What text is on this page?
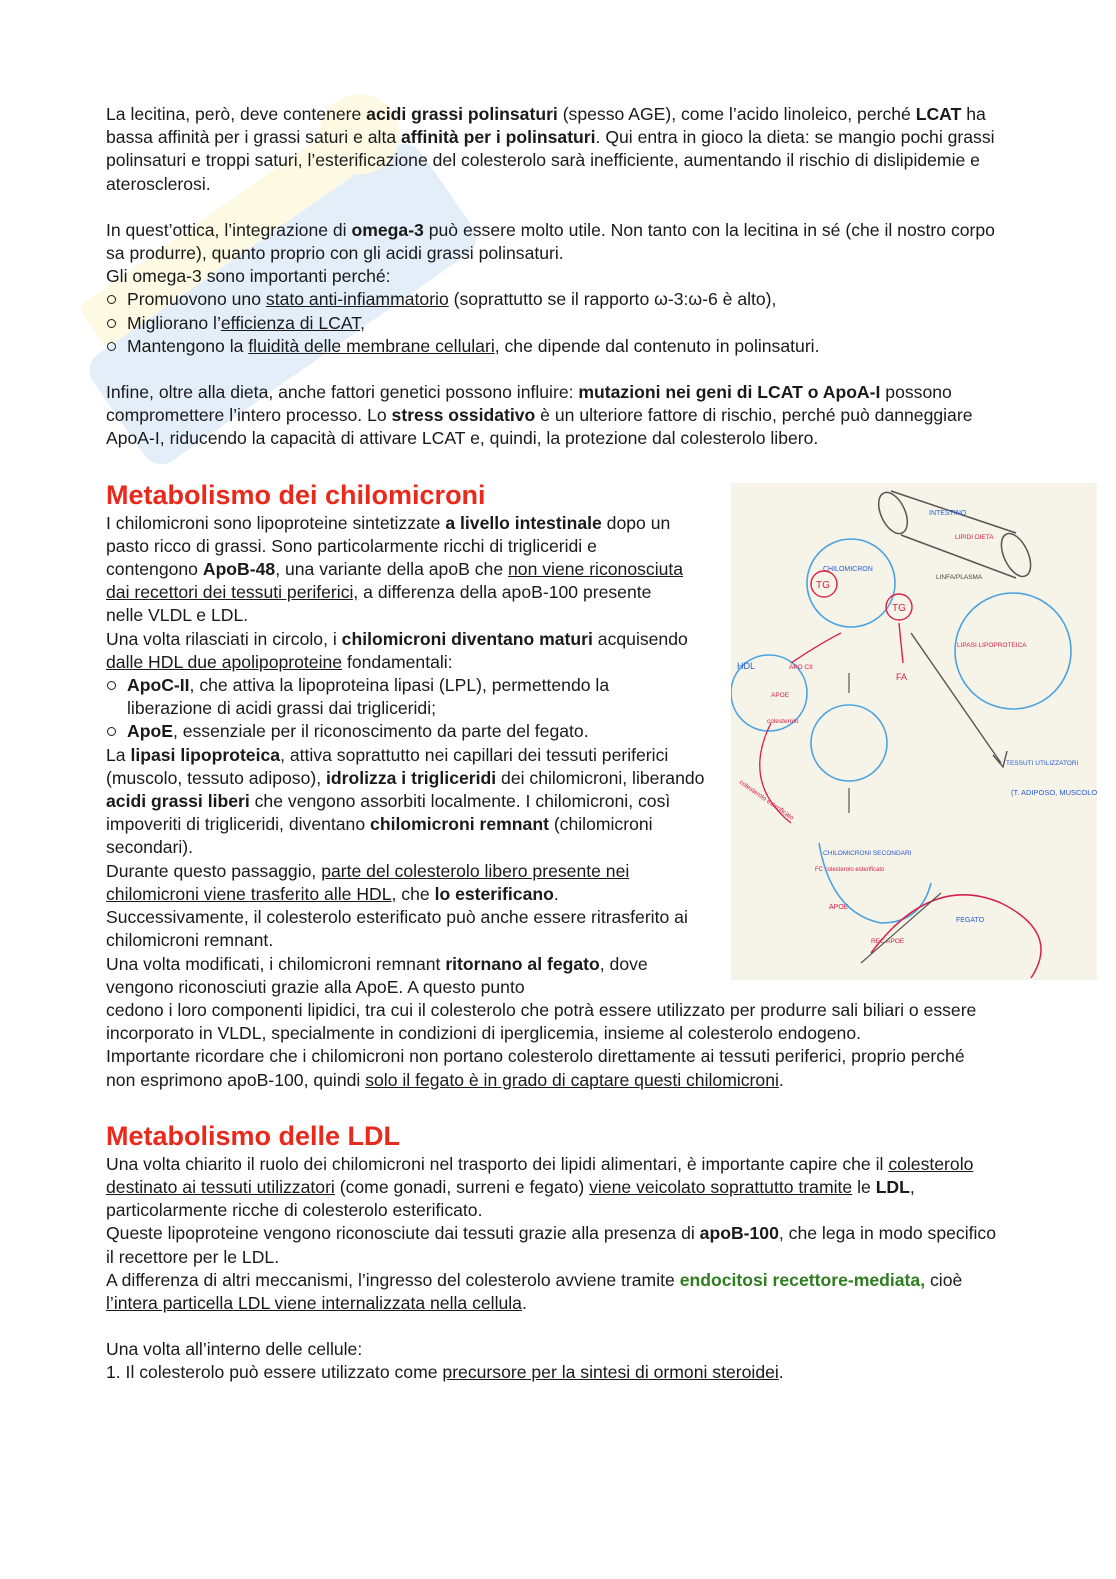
La lecitina, però, deve contenere acidi grassi polinsaturi (spesso AGE), come l’acido linoleico, perché LCAT ha bassa affinità per i grassi saturi e alta affinità per i polinsaturi. Qui entra in gioco la dieta: se mangio pochi grassi polinsaturi e troppi saturi, l’esterificazione del colesterolo sarà inefficiente, aumentando il rischio di dislipidemie e aterosclerosi.

In quest’ottica, l’integrazione di omega-3 può essere molto utile. Non tanto con la lecitina in sé (che il nostro corpo sa produrre), quanto proprio con gli acidi grassi polinsaturi.

Gli omega-3 sono importanti perché:

Promuovono uno stato anti-infiammatorio (soprattutto se il rapporto ω-3:ω-6 è alto),
Migliorano l’efficienza di LCAT,
Mantengono la fluidità delle membrane cellulari, che dipende dal contenuto in polinsaturi.

Infine, oltre alla dieta, anche fattori genetici possono influire: mutazioni nei geni di LCAT o ApoA-I possono compromettere l’intero processo. Lo stress ossidativo è un ulteriore fattore di rischio, perché può danneggiare ApoA-I, riducendo la capacità di attivare LCAT e, quindi, la protezione dal colesterolo libero.

Metabolismo dei chilomicroni

I chilomicroni sono lipoproteine sintetizzate a livello intestinale dopo un pasto ricco di grassi. Sono particolarmente ricchi di trigliceridi e contengono ApoB-48, una variante della apoB che non viene riconosciuta dai recettori dei tessuti periferici, a differenza della apoB-100 presente nelle VLDL e LDL.

Una volta rilasciati in circolo, i chilomicroni diventano maturi acquisendo dalle HDL due apolipoproteine fondamentali:

ApoC-II, che attiva la lipoproteina lipasi (LPL), permettendo la liberazione di acidi grassi dai trigliceridi;
ApoE, essenziale per il riconoscimento da parte del fegato.

La lipasi lipoproteica, attiva soprattutto nei capillari dei tessuti periferici (muscolo, tessuto adiposo), idrolizza i trigliceridi dei chilomicroni, liberando acidi grassi liberi che vengono assorbiti localmente. I chilomicroni, così impoveriti di trigliceridi, diventano chilomicroni remnant (chilomicroni secondari).

Durante questo passaggio, parte del colesterolo libero presente nei chilomicroni viene trasferito alle HDL, che lo esterificano. Successivamente, il colesterolo esterificato può anche essere ritrasferito ai chilomicroni remnant.

Una volta modificati, i chilomicroni remnant ritornano al fegato, dove vengono riconosciuti grazie alla ApoE. A questo punto

cedono i loro componenti lipidici, tra cui il colesterolo che potrà essere utilizzato per produrre sali biliari o essere incorporato in VLDL, specialmente in condizioni di iperglicemia, insieme al colesterolo endogeno.

Importante ricordare che i chilomicroni non portano colesterolo direttamente ai tessuti periferici, proprio perché non esprimono apoB-100, quindi solo il fegato è in grado di captare questi chilomicroni.

Metabolismo delle LDL

Una volta chiarito il ruolo dei chilomicroni nel trasporto dei lipidi alimentari, è importante capire che il colesterolo destinato ai tessuti utilizzatori (come gonadi, surreni e fegato) viene veicolato soprattutto tramite le LDL, particolarmente ricche di colesterolo esterificato.

Queste lipoproteine vengono riconosciute dai tessuti grazie alla presenza di apoB-100, che lega in modo specifico il recettore per le LDL.

A differenza di altri meccanismi, l’ingresso del colesterolo avviene tramite endocitosi recettore-mediata, cioè l’intera particella LDL viene internalizzata nella cellula.

Una volta all’interno delle cellule:

1. Il colesterolo può essere utilizzato come precursore per la sintesi di ormoni steroidei.

INTESTINO
LIPIDI DIETA
LINFA/PLASMA
CHILOMICRON
TG
TG
FA
HDL	APO CII
APOE
colesterolo
LIPASI LIPOPROTEICA
TESSUTI UTILIZZATORI
(T. ADIPOSO, MUSCOLO)
colesterolo esterificato
CHILOMICRONI SECONDARI
FC colesterolo esterificato
APOE
FEGATO
REC APOE
